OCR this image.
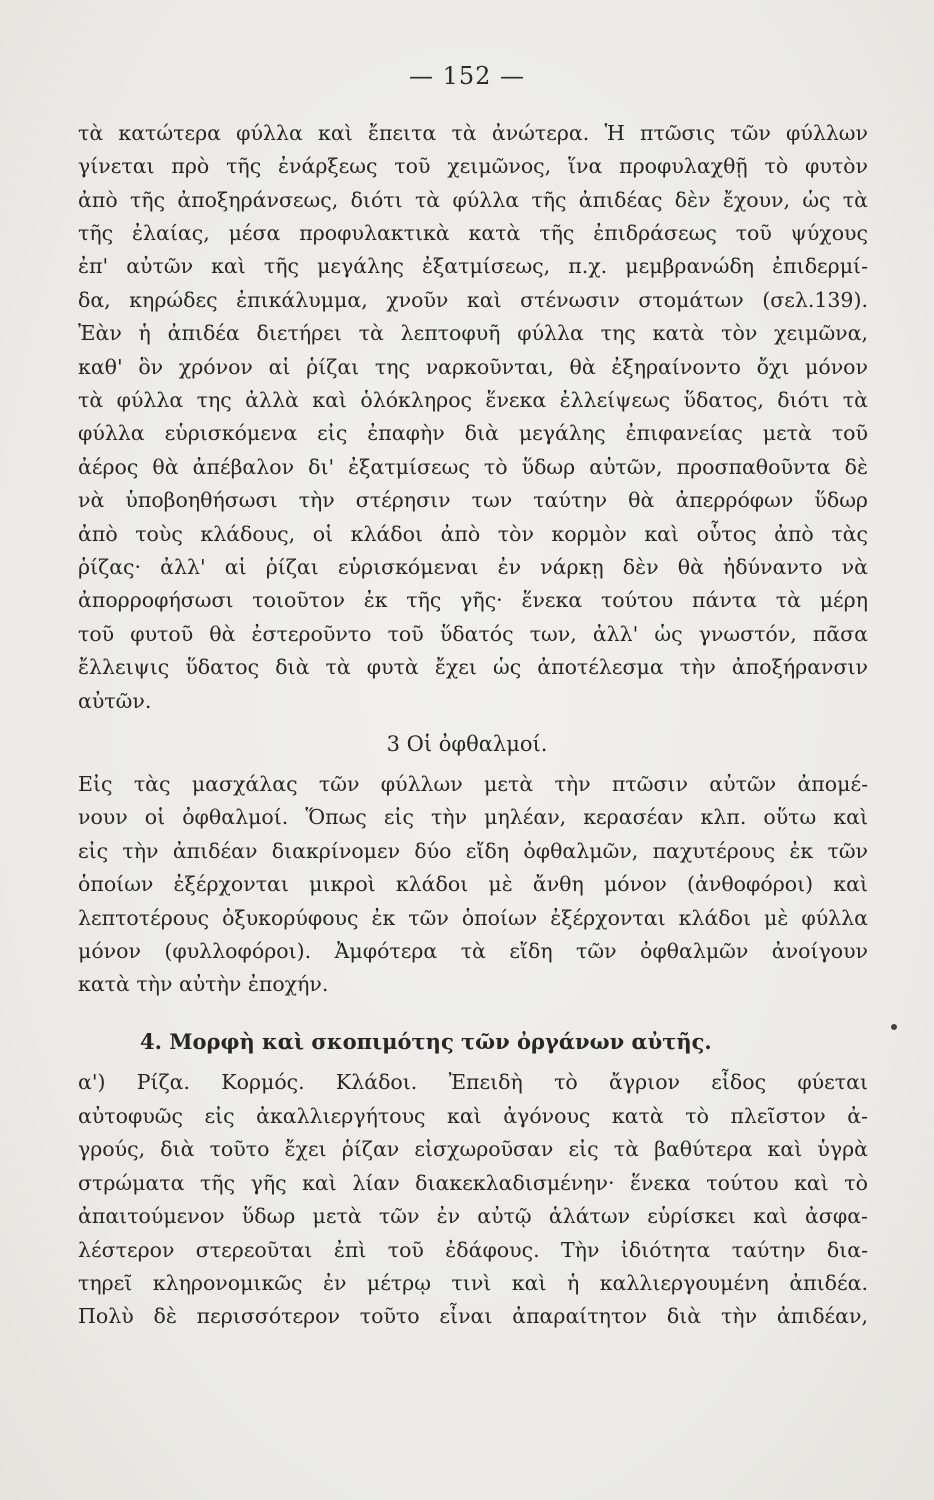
— 152 —
τὰ κατώτερα φύλλα καὶ ἔπειτα τὰ ἀνώτερα. Ἡ πτῶσις τῶν φύλλων
γίνεται πρὸ τῆς ἐνάρξεως τοῦ χειμῶνος, ἵνα προφυλαχθῇ τὸ φυτὸν
ἀπὸ τῆς ἀποξηράνσεως, διότι τὰ φύλλα τῆς ἀπιδέας δὲν ἔχουν, ὡς τὰ
τῆς ἐλαίας, μέσα προφυλακτικὰ κατὰ τῆς ἐπιδράσεως τοῦ ψύχους
ἐπ' αὐτῶν καὶ τῆς μεγάλης ἐξατμίσεως, π.χ. μεμβρανώδη ἐπιδερμί-
δα, κηρώδες ἐπικάλυμμα, χνοῦν καὶ στένωσιν στομάτων (σελ.139).
Ἐὰν ἡ ἀπιδέα διετήρει τὰ λεπτοφυῆ φύλλα της κατὰ τὸν χειμῶνα,
καθ' ὃν χρόνον αἱ ῥίζαι της ναρκοῦνται, θὰ ἐξηραίνοντο ὄχι μόνον
τὰ φύλλα της ἀλλὰ καὶ ὁλόκληρος ἕνεκα ἐλλείψεως ὕδατος, διότι τὰ
φύλλα εὑρισκόμενα εἰς ἐπαφὴν διὰ μεγάλης ἐπιφανείας μετὰ τοῦ
ἀέρος θὰ ἀπέβαλον δι' ἐξατμίσεως τὸ ὕδωρ αὐτῶν, προσπαθοῦντα δὲ
νὰ ὑποβοηθήσωσι τὴν στέρησιν των ταύτην θὰ ἀπερρόφων ὕδωρ
ἀπὸ τοὺς κλάδους, οἱ κλάδοι ἀπὸ τὸν κορμὸν καὶ οὗτος ἀπὸ τὰς
ῥίζας· ἀλλ' αἱ ῥίζαι εὑρισκόμεναι ἐν νάρκῃ δὲν θὰ ἠδύναντο νὰ
ἀπορροφήσωσι τοιοῦτον ἐκ τῆς γῆς· ἕνεκα τούτου πάντα τὰ μέρη
τοῦ φυτοῦ θὰ ἐστεροῦντο τοῦ ὕδατός των, ἀλλ' ὡς γνωστόν, πᾶσα
ἔλλειψις ὕδατος διὰ τὰ φυτὰ ἔχει ὡς ἀποτέλεσμα τὴν ἀποξήρανσιν
αὐτῶν.
3 Οἱ ὀφθαλμοί.
Εἰς τὰς μασχάλας τῶν φύλλων μετὰ τὴν πτῶσιν αὐτῶν ἀπομέ-
νουν οἱ ὀφθαλμοί. Ὅπως εἰς τὴν μηλέαν, κερασέαν κλπ. οὕτω καὶ
εἰς τὴν ἀπιδέαν διακρίνομεν δύο εἴδη ὀφθαλμῶν, παχυτέρους ἐκ τῶν
ὁποίων ἐξέρχονται μικροὶ κλάδοι μὲ ἄνθη μόνον (ἀνθοφόροι) καὶ
λεπτοτέρους ὀξυκορύφους ἐκ τῶν ὁποίων ἐξέρχονται κλάδοι μὲ φύλλα
μόνον (φυλλοφόροι). Ἀμφότερα τὰ εἴδη τῶν ὀφθαλμῶν ἀνοίγουν
κατὰ τὴν αὐτὴν ἐποχήν.
4. Μορφὴ καὶ σκοπιμότης τῶν ὀργάνων αὐτῆς.
α') Ρίζα. Κορμός. Κλάδοι. Ἐπειδὴ τὸ ἄγριον εἶδος φύεται
αὐτοφυῶς εἰς ἀκαλλιεργήτους καὶ ἀγόνους κατὰ τὸ πλεῖστον ἀ-
γρούς, διὰ τοῦτο ἔχει ῥίζαν εἰσχωροῦσαν εἰς τὰ βαθύτερα καὶ ὑγρὰ
στρώματα τῆς γῆς καὶ λίαν διακεκλαδισμένην· ἕνεκα τούτου καὶ τὸ
ἀπαιτούμενον ὕδωρ μετὰ τῶν ἐν αὐτῷ ἁλάτων εὑρίσκει καὶ ἀσφα-
λέστερον στερεοῦται ἐπὶ τοῦ ἐδάφους. Τὴν ἰδιότητα ταύτην δια-
τηρεῖ κληρονομικῶς ἐν μέτρῳ τινὶ καὶ ἡ καλλιεργουμένη ἀπιδέα.
Πολὺ δὲ περισσότερον τοῦτο εἶναι ἀπαραίτητον διὰ τὴν ἀπιδέαν,
